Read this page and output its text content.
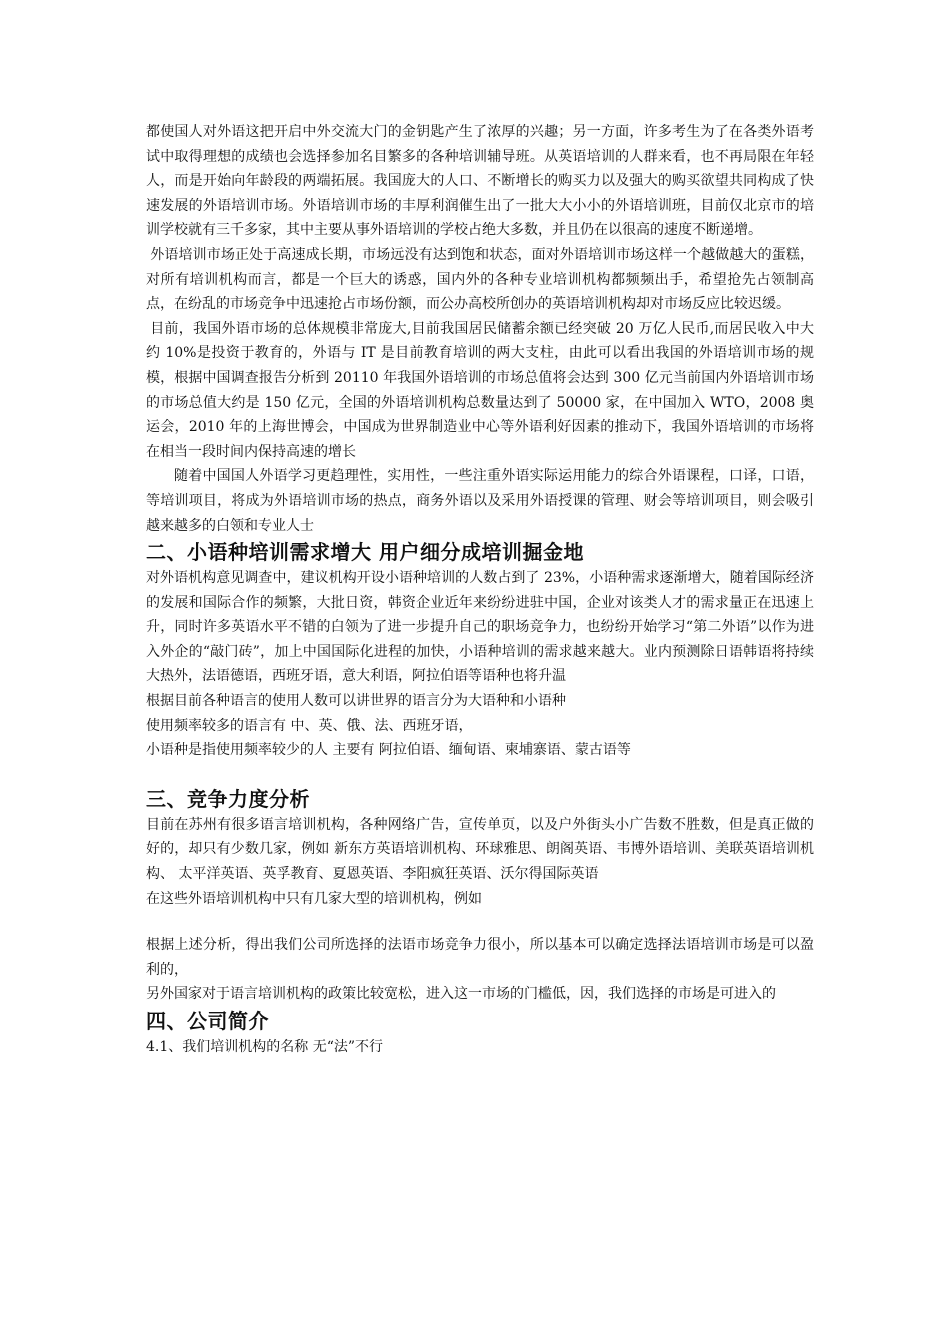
都使国人对外语这把开启中外交流大门的金钥匙产生了浓厚的兴趣；另一方面，许多考生为了在各类外语考试中取得理想的成绩也会选择参加名目繁多的各种培训辅导班。从英语培训的人群来看，也不再局限在年轻人，而是开始向年龄段的两端拓展。我国庞大的人口、不断增长的购买力以及强大的购买欲望共同构成了快速发展的外语培训市场。外语培训市场的丰厚利润催生出了一批大大小小的外语培训班，目前仅北京市的培训学校就有三千多家，其中主要从事外语培训的学校占绝大多数，并且仍在以很高的速度不断递增。

外语培训市场正处于高速成长期，市场远没有达到饱和状态，面对外语培训市场这样一个越做越大的蛋糕，对所有培训机构而言，都是一个巨大的诱惑，国内外的各种专业培训机构都频频出手，希望抢先占领制高点，在纷乱的市场竞争中迅速抢占市场份额，而公办高校所创办的英语培训机构却对市场反应比较迟缓。

目前，我国外语市场的总体规模非常庞大,目前我国居民储蓄余额已经突破 20 万亿人民币,而居民收入中大约 10%是投资于教育的，外语与 IT 是目前教育培训的两大支柱，由此可以看出我国的外语培训市场的规模，根据中国调查报告分析到 20110 年我国外语培训的市场总值将会达到 300 亿元当前国内外语培训市场的市场总值大约是 150 亿元，全国的外语培训机构总数量达到了 50000 家，在中国加入 WTO，2008 奥运会，2010 年的上海世博会，中国成为世界制造业中心等外语利好因素的推动下，我国外语培训的市场将在相当一段时间内保持高速的增长

随着中国国人外语学习更趋理性，实用性，一些注重外语实际运用能力的综合外语课程，口译，口语，等培训项目，将成为外语培训市场的热点，商务外语以及采用外语授课的管理、财会等培训项目，则会吸引越来越多的白领和专业人士

二、小语种培训需求增大 用户细分成培训掘金地

对外语机构意见调查中，建议机构开设小语种培训的人数占到了 23%，小语种需求逐渐增大，随着国际经济的发展和国际合作的频繁，大批日资，韩资企业近年来纷纷进驻中国，企业对该类人才的需求量正在迅速上升，同时许多英语水平不错的白领为了进一步提升自己的职场竞争力，也纷纷开始学习“第二外语”以作为进入外企的“敲门砖”，加上中国国际化进程的加快，小语种培训的需求越来越大。业内预测除日语韩语将持续大热外，法语德语，西班牙语，意大利语，阿拉伯语等语种也将升温

根据目前各种语言的使用人数可以讲世界的语言分为大语种和小语种

使用频率较多的语言有 中、英、俄、法、西班牙语，

小语种是指使用频率较少的人 主要有 阿拉伯语、缅甸语、柬埔寨语、蒙古语等

三、竞争力度分析

目前在苏州有很多语言培训机构，各种网络广告，宣传单页，以及户外街头小广告数不胜数，但是真正做的好的，却只有少数几家，例如 新东方英语培训机构、环球雅思、朗阁英语、韦博外语培训、美联英语培训机构、 太平洋英语、英孚教育、夏恩英语、李阳疯狂英语、沃尔得国际英语

在这些外语培训机构中只有几家大型的培训机构，例如

根据上述分析，得出我们公司所选择的法语市场竞争力很小，所以基本可以确定选择法语培训市场是可以盈利的，

另外国家对于语言培训机构的政策比较宽松，进入这一市场的门槛低，因，我们选择的市场是可进入的

四、公司简介

4.1、我们培训机构的名称 无“法”不行
